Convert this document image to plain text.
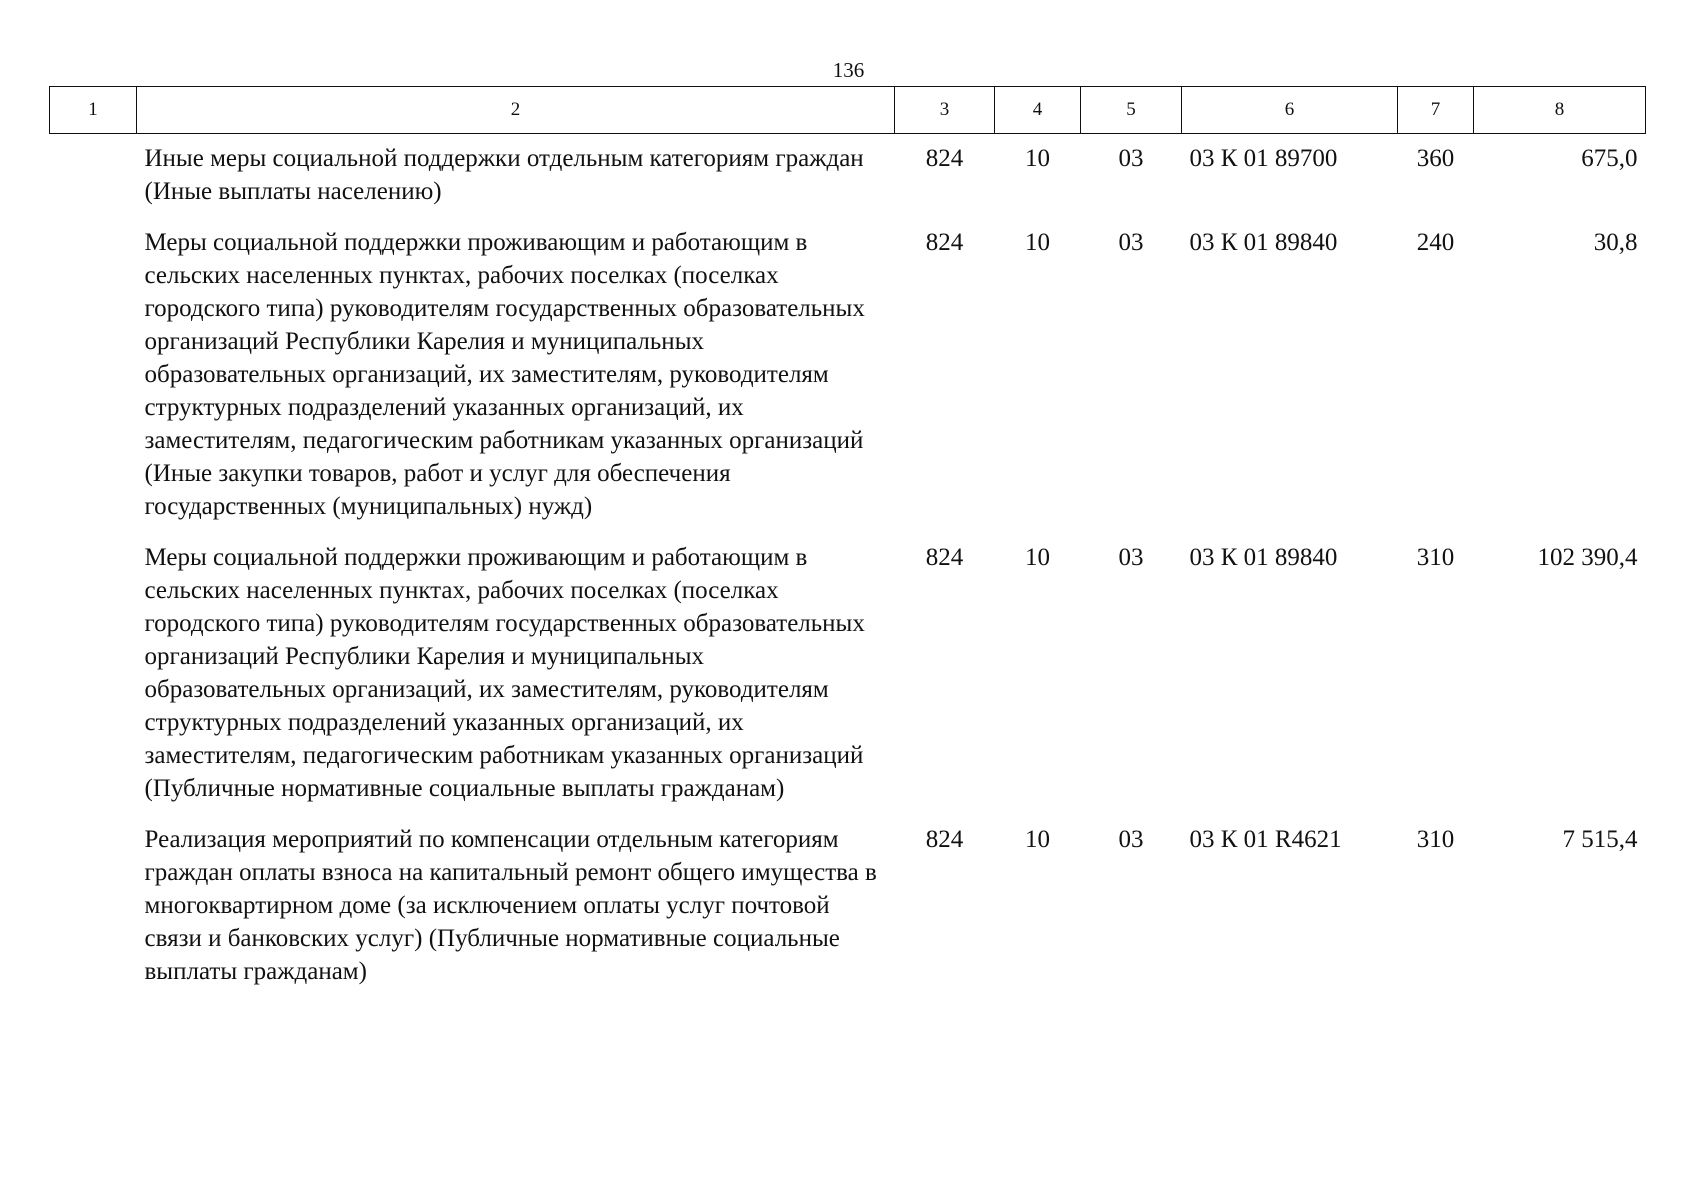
136
1	2	3	4	5	6	7	8
	Иные меры социальной поддержки отдельным категориям граждан (Иные выплаты населению)	824	10	03	03 К 01 89700	360	675,0
	Меры социальной поддержки проживающим и работающим в сельских населенных пунктах, рабочих поселках (поселках городского типа) руководителям государственных образовательных организаций Республики Карелия и муниципальных образовательных организаций, их заместителям, руководителям структурных подразделений указанных организаций, их заместителям, педагогическим работникам указанных организаций (Иные закупки товаров, работ и услуг для обеспечения государственных (муниципальных) нужд)	824	10	03	03 К 01 89840	240	30,8
	Меры социальной поддержки проживающим и работающим в сельских населенных пунктах, рабочих поселках (поселках городского типа) руководителям государственных образовательных организаций Республики Карелия и муниципальных образовательных организаций, их заместителям, руководителям структурных подразделений указанных организаций, их заместителям, педагогическим работникам указанных организаций (Публичные нормативные социальные выплаты гражданам)	824	10	03	03 К 01 89840	310	102 390,4
	Реализация мероприятий по компенсации отдельным категориям граждан оплаты взноса на капитальный ремонт общего имущества в многоквартирном доме (за исключением оплаты услуг почтовой связи и банковских услуг) (Публичные нормативные социальные выплаты гражданам)	824	10	03	03 К 01 R4621	310	7 515,4
